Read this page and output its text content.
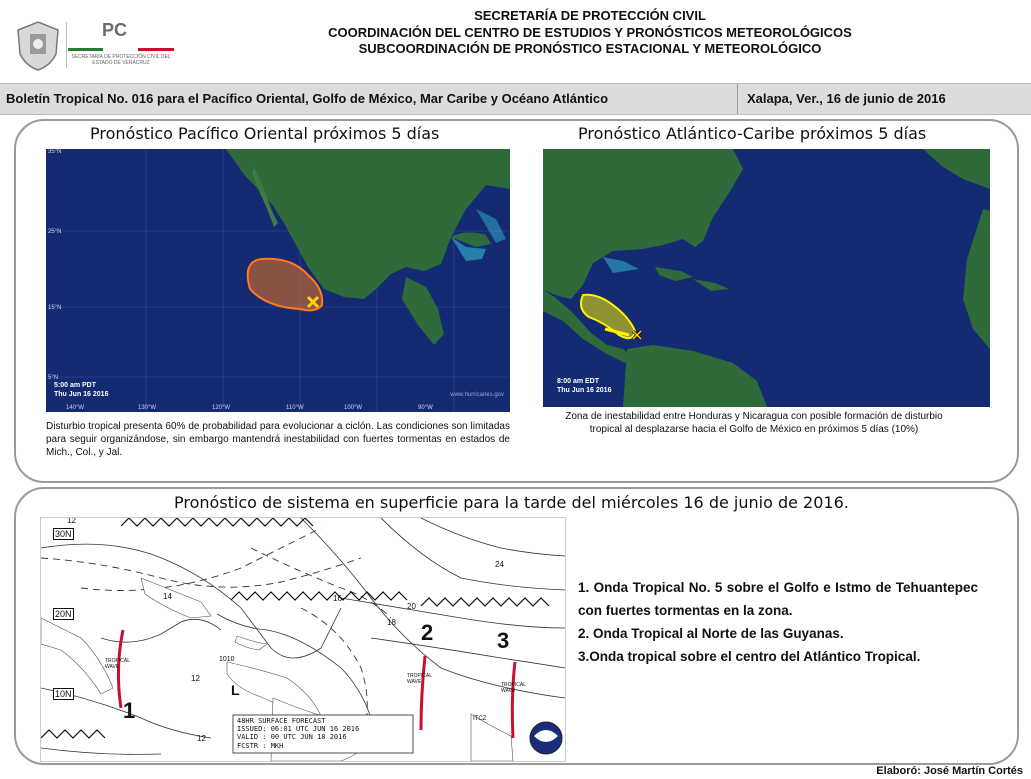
PC
SECRETARÍA DE PROTECCIÓN CIVIL DEL ESTADO DE VERACRUZ
SECRETARÍA DE PROTECCIÓN CIVIL
COORDINACIÓN DEL CENTRO DE ESTUDIOS Y PRONÓSTICOS METEOROLÓGICOS
SUBCOORDINACIÓN DE PRONÓSTICO ESTACIONAL Y METEOROLÓGICO
Boletín Tropical No. 016 para el Pacífico Oriental, Golfo de México, Mar Caribe y Océano Atlántico	Xalapa, Ver., 16 de junio de 2016
Pronóstico Pacífico Oriental próximos 5 días	Pronóstico Atlántico-Caribe próximos 5 días
35°N
25°N
15°N
5°N
140°W	130°W	120°W	110°W	100°W	90°W
5:00 am PDT
Thu Jun 16 2016	www.hurricanes.gov
8:00 am EDT
Thu Jun 16 2016
Disturbio tropical presenta 60% de probabilidad para evolucionar a ciclón. Las condiciones son limitadas para seguir organizándose, sin embargo mantendrá inestabilidad con fuertes tormentas en estados de Mich., Col., y Jal.
Zona de inestabilidad entre Honduras y Nicaragua con posible formación de disturbio tropical al desplazarse hacia el Golfo de México en próximos 5 días (10%)
Pronóstico de sistema en superficie para la tarde del miércoles 16 de junio de 2016.
30N
20N
10N
12
14	16
18
20
24
1010
12
12
L
TROPICAL WAVE
TROPICAL WAVE	TROPICAL WAVE
ITCZ
48HR SURFACE FORECAST
ISSUED: 06:01 UTC JUN 16 2016
VALID : 00 UTC JUN 18 2016
FCSTR : MKH
1
2	3
1. Onda Tropical No. 5 sobre el Golfo e Istmo de Tehuantepec con fuertes tormentas en la zona.
2. Onda Tropical al Norte de las Guyanas.
3.Onda tropical sobre el centro del Atlántico Tropical.
Elaboró: José Martín Cortés
